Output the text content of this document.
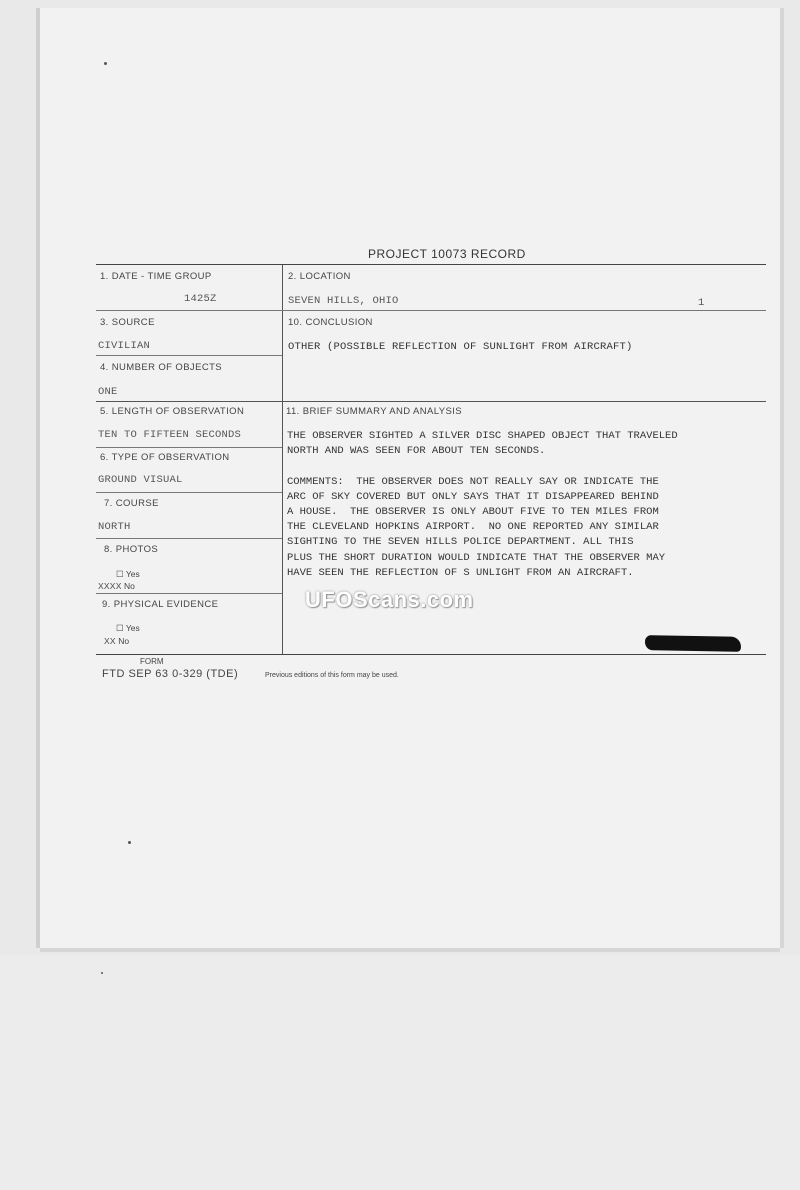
PROJECT 10073 RECORD
1. DATE - TIME GROUP
1425Z
2. LOCATION
SEVEN HILLS, OHIO	1
3. SOURCE
CIVILIAN
10. CONCLUSION
OTHER (POSSIBLE REFLECTION OF SUNLIGHT FROM AIRCRAFT)
4. NUMBER OF OBJECTS
ONE
5. LENGTH OF OBSERVATION
TEN TO FIFTEEN SECONDS
11. BRIEF SUMMARY AND ANALYSIS
THE OBSERVER SIGHTED A SILVER DISC SHAPED OBJECT THAT TRAVELED
NORTH AND WAS SEEN FOR ABOUT TEN SECONDS.

COMMENTS:  THE OBSERVER DOES NOT REALLY SAY OR INDICATE THE
ARC OF SKY COVERED BUT ONLY SAYS THAT IT DISAPPEARED BEHIND
A HOUSE.  THE OBSERVER IS ONLY ABOUT FIVE TO TEN MILES FROM
THE CLEVELAND HOPKINS AIRPORT.  NO ONE REPORTED ANY SIMILAR
SIGHTING TO THE SEVEN HILLS POLICE DEPARTMENT. ALL THIS
PLUS THE SHORT DURATION WOULD INDICATE THAT THE OBSERVER MAY
HAVE SEEN THE REFLECTION OF S UNLIGHT FROM AN AIRCRAFT.
6. TYPE OF OBSERVATION
GROUND VISUAL
7. COURSE
NORTH
8. PHOTOS
☐ Yes
XXXX No
9. PHYSICAL EVIDENCE
☐ Yes
XX No
FORM
FTD SEP 63 0-329 (TDE)	Previous editions of this form may be used.
UFOScans.com
